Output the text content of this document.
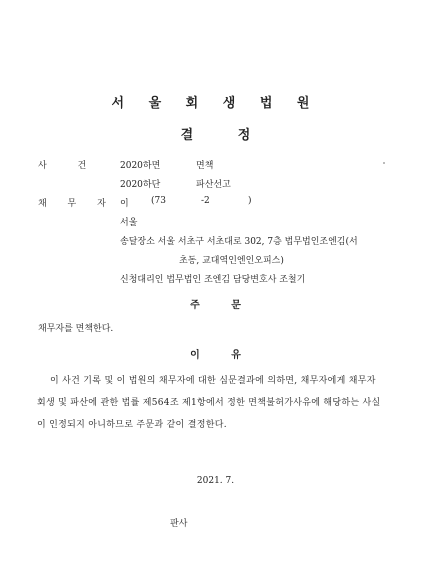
서 울 회 생 법 원
결 정
사 건 2020하면	면책
2020하단	파산선고
채 무 자 이 (73	-2	)
서울
송달장소 서울 서초구 서초대로 302, 7층 법무법인조엔김(서
초동, 교대역인엔인오피스)
신청대리인 법무법인 조엔김 담당변호사 조철기
주 문
채무자를 면책한다.
이 유
이 사건 기록 및 이 법원의 채무자에 대한 심문결과에 의하면, 채무자에게 채무자
회생 및 파산에 관한 법률 제564조 제1항에서 정한 면책불허가사유에 해당하는 사실
이 인정되지 아니하므로 주문과 같이 결정한다.
2021. 7.
판사
